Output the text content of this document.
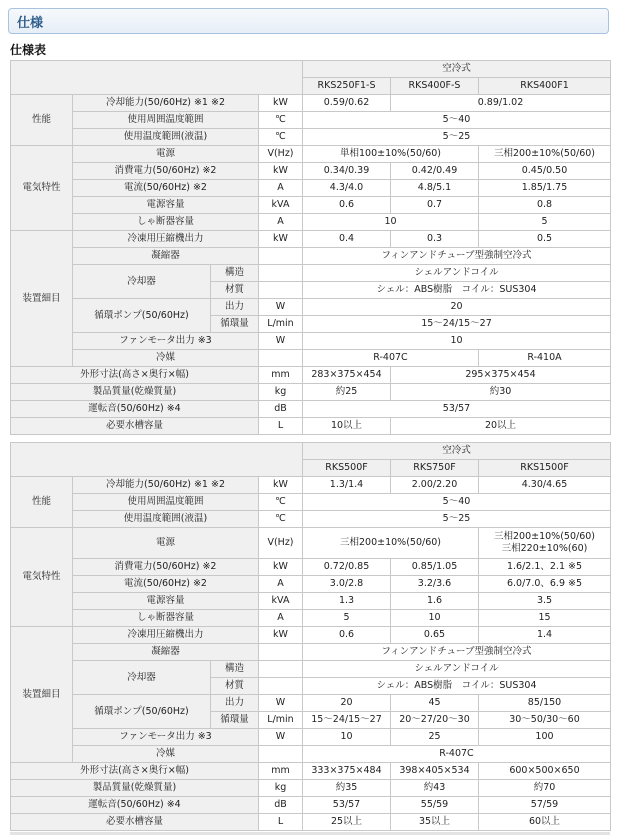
仕様
仕様表
				空冷式		
				RKS250F1-S	RKS400F-S	RKS400F1
性能	冷却能力(50/60Hz) ※1 ※2		kW	0.59/0.62	0.89/1.02	
	使用周囲温度範囲		℃	5〜40		
	使用温度範囲(液温)		℃	5〜25		
電気特性	電源		V(Hz)	単相100±10%(50/60)		三相200±10%(50/60)
	消費電力(50/60Hz) ※2		kW	0.34/0.39	0.42/0.49	0.45/0.50
	電流(50/60Hz) ※2		A	4.3/4.0	4.8/5.1	1.85/1.75
	電源容量		kVA	0.6	0.7	0.8
	しゃ断器容量		A	10		5
装置細目	冷凍用圧縮機出力		kW	0.4	0.3	0.5
	凝縮器			フィンアンドチューブ型強制空冷式		
	冷却器	構造		シェルアンドコイル		
		材質		シェル：ABS樹脂　コイル：SUS304		
	循環ポンプ(50/60Hz)	出力	W	20		
		循環量	L/min	15〜24/15〜27		
	ファンモータ出力 ※3		W	10		
	冷媒			R-407C		R-410A
外形寸法(高さ×奥行×幅)			mm	283×375×454	295×375×454	
製品質量(乾燥質量)			kg	約25	約30	
運転音(50/60Hz) ※4			dB	53/57		
必要水槽容量			L	10以上	20以上	
				空冷式		
				RKS500F	RKS750F	RKS1500F
性能	冷却能力(50/60Hz) ※1 ※2		kW	1.3/1.4	2.00/2.20	4.30/4.65
	使用周囲温度範囲		℃	5〜40		
	使用温度範囲(液温)		℃	5〜25		
電気特性	電源		V(Hz)	三相200±10%(50/60)		三相200±10%(50/60)
三相220±10%(60)

	消費電力(50/60Hz) ※2		kW	0.72/0.85	0.85/1.05	1.6/2.1、2.1 ※5
	電流(50/60Hz) ※2		A	3.0/2.8	3.2/3.6	6.0/7.0、6.9 ※5
	電源容量		kVA	1.3	1.6	3.5
	しゃ断器容量		A	5	10	15
装置細目	冷凍用圧縮機出力		kW	0.6	0.65	1.4
	凝縮器			フィンアンドチューブ型強制空冷式		
	冷却器	構造		シェルアンドコイル		
		材質		シェル：ABS樹脂　コイル：SUS304		
	循環ポンプ(50/60Hz)	出力	W	20	45	85/150
		循環量	L/min	15〜24/15〜27	20〜27/20〜30	30〜50/30〜60
	ファンモータ出力 ※3		W	10	25	100
	冷媒			R-407C		
外形寸法(高さ×奥行×幅)			mm	333×375×484	398×405×534	600×500×650
製品質量(乾燥質量)			kg	約35	約43	約70
運転音(50/60Hz) ※4			dB	53/57	55/59	57/59
必要水槽容量			L	25以上	35以上	60以上
